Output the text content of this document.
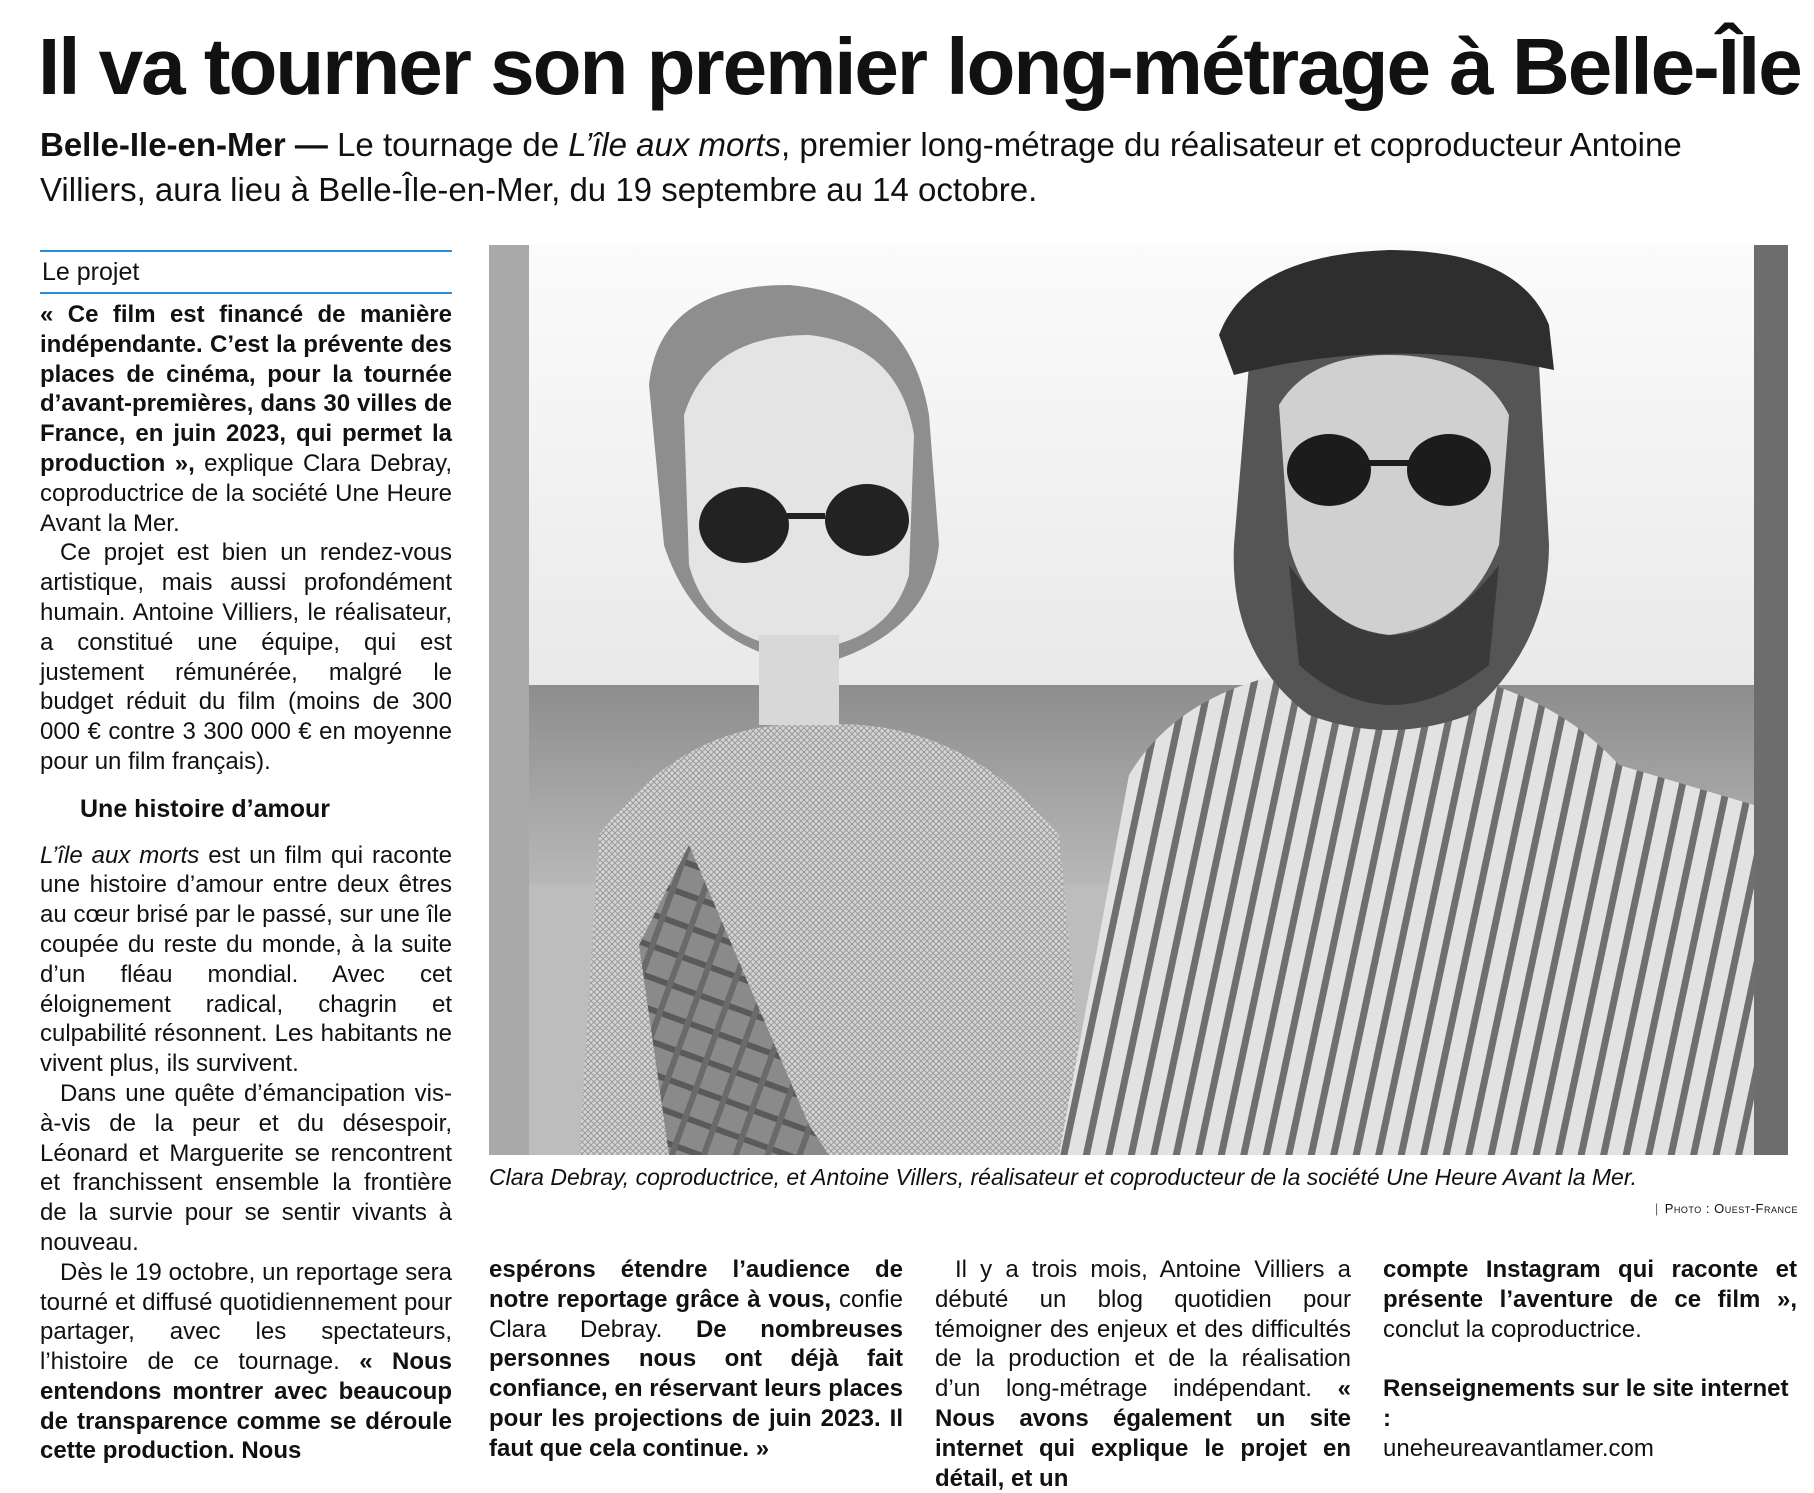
Il va tourner son premier long-métrage à Belle-Île

Belle-Ile-en-Mer — Le tournage de L’île aux morts, premier long-métrage du réalisateur et coproducteur Antoine Villiers, aura lieu à Belle-Île-en-Mer, du 19 septembre au 14 octobre.

Le projet

« Ce film est financé de manière indépendante. C’est la prévente des places de cinéma, pour la tournée d’avant-premières, dans 30 villes de France, en juin 2023, qui permet la production », explique Clara Debray, coproductrice de la société Une Heure Avant la Mer.

Ce projet est bien un rendez-vous artistique, mais aussi profondément humain. Antoine Villiers, le réalisateur, a constitué une équipe, qui est justement rémunérée, malgré le budget réduit du film (moins de 300 000 € contre 3 300 000 € en moyenne pour un film français).

Une histoire d’amour

L’île aux morts est un film qui raconte une histoire d’amour entre deux êtres au cœur brisé par le passé, sur une île coupée du reste du monde, à la suite d’un fléau mondial. Avec cet éloignement radical, chagrin et culpabilité résonnent. Les habitants ne vivent plus, ils survivent.

Dans une quête d’émancipation vis-à-vis de la peur et du désespoir, Léonard et Marguerite se rencontrent et franchissent ensemble la frontière de la survie pour se sentir vivants à nouveau.

Dès le 19 octobre, un reportage sera tourné et diffusé quotidiennement pour partager, avec les spectateurs, l’histoire de ce tournage. « Nous entendons montrer avec beaucoup de transparence comme se déroule cette production. Nous

Clara Debray, coproductrice, et Antoine Villers, réalisateur et coproducteur de la société Une Heure Avant la Mer.

| Photo : Ouest-France

espérons étendre l’audience de notre reportage grâce à vous, confie Clara Debray. De nombreuses personnes nous ont déjà fait confiance, en réservant leurs places pour les projections de juin 2023. Il faut que cela continue. »

Il y a trois mois, Antoine Villiers a débuté un blog quotidien pour témoigner des enjeux et des difficultés de la production et de la réalisation d’un long-métrage indépendant. « Nous avons également un site internet qui explique le projet en détail, et un

compte Instagram qui raconte et présente l’aventure de ce film », conclut la coproductrice.

Renseignements sur le site internet :
uneheureavantlamer.com
